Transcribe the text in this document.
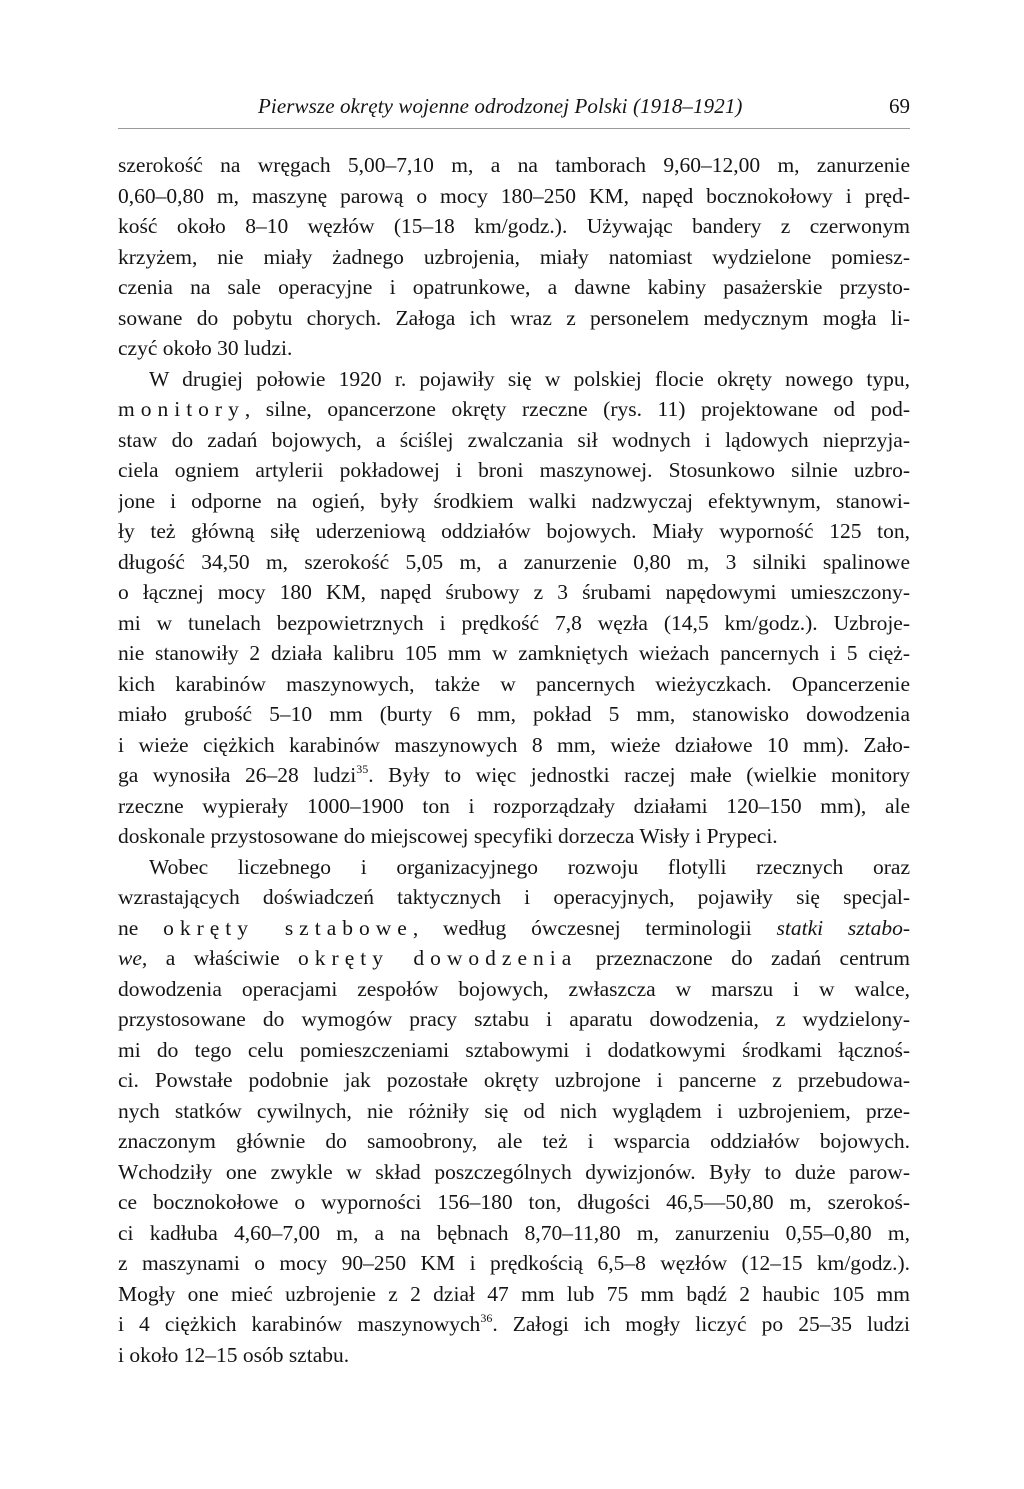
Pierwsze okręty wojenne odrodzonej Polski (1918–1921)	69
szerokość na wręgach 5,00–7,10 m, a na tamborach 9,60–12,00 m, zanurzenie
0,60–0,80 m, maszynę parową o mocy 180–250 KM, napęd bocznokołowy i pręd-
kość około 8–10 węzłów (15–18 km/godz.). Używając bandery z czerwonym
krzyżem, nie miały żadnego uzbrojenia, miały natomiast wydzielone pomiesz-
czenia na sale operacyjne i opatrunkowe, a dawne kabiny pasażerskie przysto-
sowane do pobytu chorych. Załoga ich wraz z personelem medycznym mogła li-
czyć około 30 ludzi.
W drugiej połowie 1920 r. pojawiły się w polskiej flocie okręty nowego typu,
monitory, silne, opancerzone okręty rzeczne (rys. 11) projektowane od pod-
staw do zadań bojowych, a ściślej zwalczania sił wodnych i lądowych nieprzyja-
ciela ogniem artylerii pokładowej i broni maszynowej. Stosunkowo silnie uzbro-
jone i odporne na ogień, były środkiem walki nadzwyczaj efektywnym, stanowi-
ły też główną siłę uderzeniową oddziałów bojowych. Miały wyporność 125 ton,
długość 34,50 m, szerokość 5,05 m, a zanurzenie 0,80 m, 3 silniki spalinowe
o łącznej mocy 180 KM, napęd śrubowy z 3 śrubami napędowymi umieszczony-
mi w tunelach bezpowietrznych i prędkość 7,8 węzła (14,5 km/godz.). Uzbroje-
nie stanowiły 2 działa kalibru 105 mm w zamkniętych wieżach pancernych i 5 cięż-
kich karabinów maszynowych, także w pancernych wieżyczkach. Opancerzenie
miało grubość 5–10 mm (burty 6 mm, pokład 5 mm, stanowisko dowodzenia
i wieże ciężkich karabinów maszynowych 8 mm, wieże działowe 10 mm). Zało-
ga wynosiła 26–28 ludzi$^{35}$. Były to więc jednostki raczej małe (wielkie monitory
rzeczne wypierały 1000–1900 ton i rozporządzały działami 120–150 mm), ale
doskonale przystosowane do miejscowej specyfiki dorzecza Wisły i Prypeci.
Wobec liczebnego i organizacyjnego rozwoju flotylli rzecznych oraz
wzrastających doświadczeń taktycznych i operacyjnych, pojawiły się specjal-
ne okręty sztabowe, według ówczesnej terminologii statki sztabo-
we, a właściwie okręty dowodzenia przeznaczone do zadań centrum
dowodzenia operacjami zespołów bojowych, zwłaszcza w marszu i w walce,
przystosowane do wymogów pracy sztabu i aparatu dowodzenia, z wydzielony-
mi do tego celu pomieszczeniami sztabowymi i dodatkowymi środkami łącznoś-
ci. Powstałe podobnie jak pozostałe okręty uzbrojone i pancerne z przebudowa-
nych statków cywilnych, nie różniły się od nich wyglądem i uzbrojeniem, prze-
znaczonym głównie do samoobrony, ale też i wsparcia oddziałów bojowych.
Wchodziły one zwykle w skład poszczególnych dywizjonów. Były to duże parow-
ce bocznokołowe o wyporności 156–180 ton, długości 46,5—50,80 m, szerokoś-
ci kadłuba 4,60–7,00 m, a na bębnach 8,70–11,80 m, zanurzeniu 0,55–0,80 m,
z maszynami o mocy 90–250 KM i prędkością 6,5–8 węzłów (12–15 km/godz.).
Mogły one mieć uzbrojenie z 2 dział 47 mm lub 75 mm bądź 2 haubic 105 mm
i 4 ciężkich karabinów maszynowych$^{36}$. Załogi ich mogły liczyć po 25–35 ludzi
i około 12–15 osób sztabu.
